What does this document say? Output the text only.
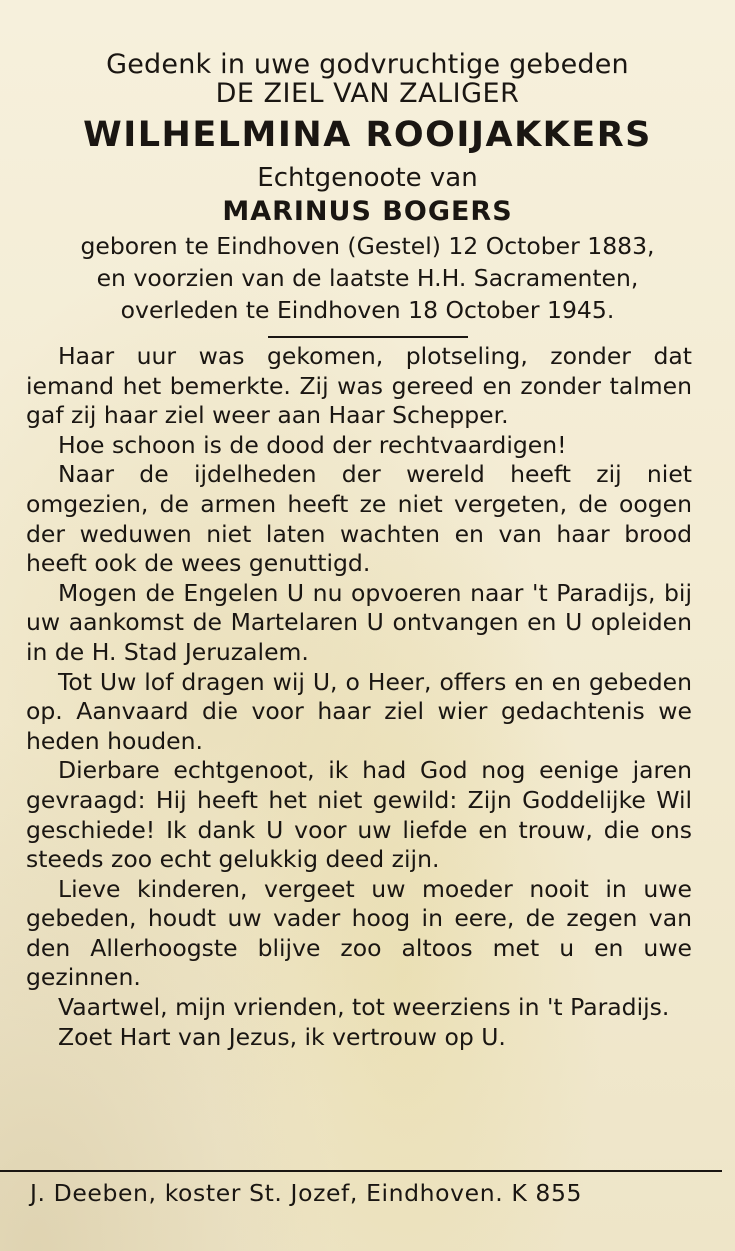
Gedenk in uwe godvruchtige gebeden
DE ZIEL VAN ZALIGER
WILHELMINA ROOIJAKKERS
Echtgenoote van
MARINUS BOGERS
geboren te Eindhoven (Gestel) 12 October 1883,
en voorzien van de laatste H.H. Sacramenten,
overleden te Eindhoven 18 October 1945.

Haar uur was gekomen, plotseling, zonder dat iemand het bemerkte. Zij was gereed en zonder talmen gaf zij haar ziel weer aan Haar Schepper.

Hoe schoon is de dood der rechtvaardigen!

Naar de ijdelheden der wereld heeft zij niet omgezien, de armen heeft ze niet vergeten, de oogen der weduwen niet laten wachten en van haar brood heeft ook de wees genuttigd.

Mogen de Engelen U nu opvoeren naar 't Paradijs, bij uw aankomst de Martelaren U ontvangen en U opleiden in de H. Stad Jeruzalem.

Tot Uw lof dragen wij U, o Heer, offers en en gebeden op. Aanvaard die voor haar ziel wier gedachtenis we heden houden.

Dierbare echtgenoot, ik had God nog eenige jaren gevraagd: Hij heeft het niet gewild: Zijn Goddelijke Wil geschiede! Ik dank U voor uw liefde en trouw, die ons steeds zoo echt gelukkig deed zijn.

Lieve kinderen, vergeet uw moeder nooit in uwe gebeden, houdt uw vader hoog in eere, de zegen van den Allerhoogste blijve zoo altoos met u en uwe gezinnen.

Vaartwel, mijn vrienden, tot weerziens in 't Paradijs.

Zoet Hart van Jezus, ik vertrouw op U.

J. Deeben, koster St. Jozef, Eindhoven. K 855
